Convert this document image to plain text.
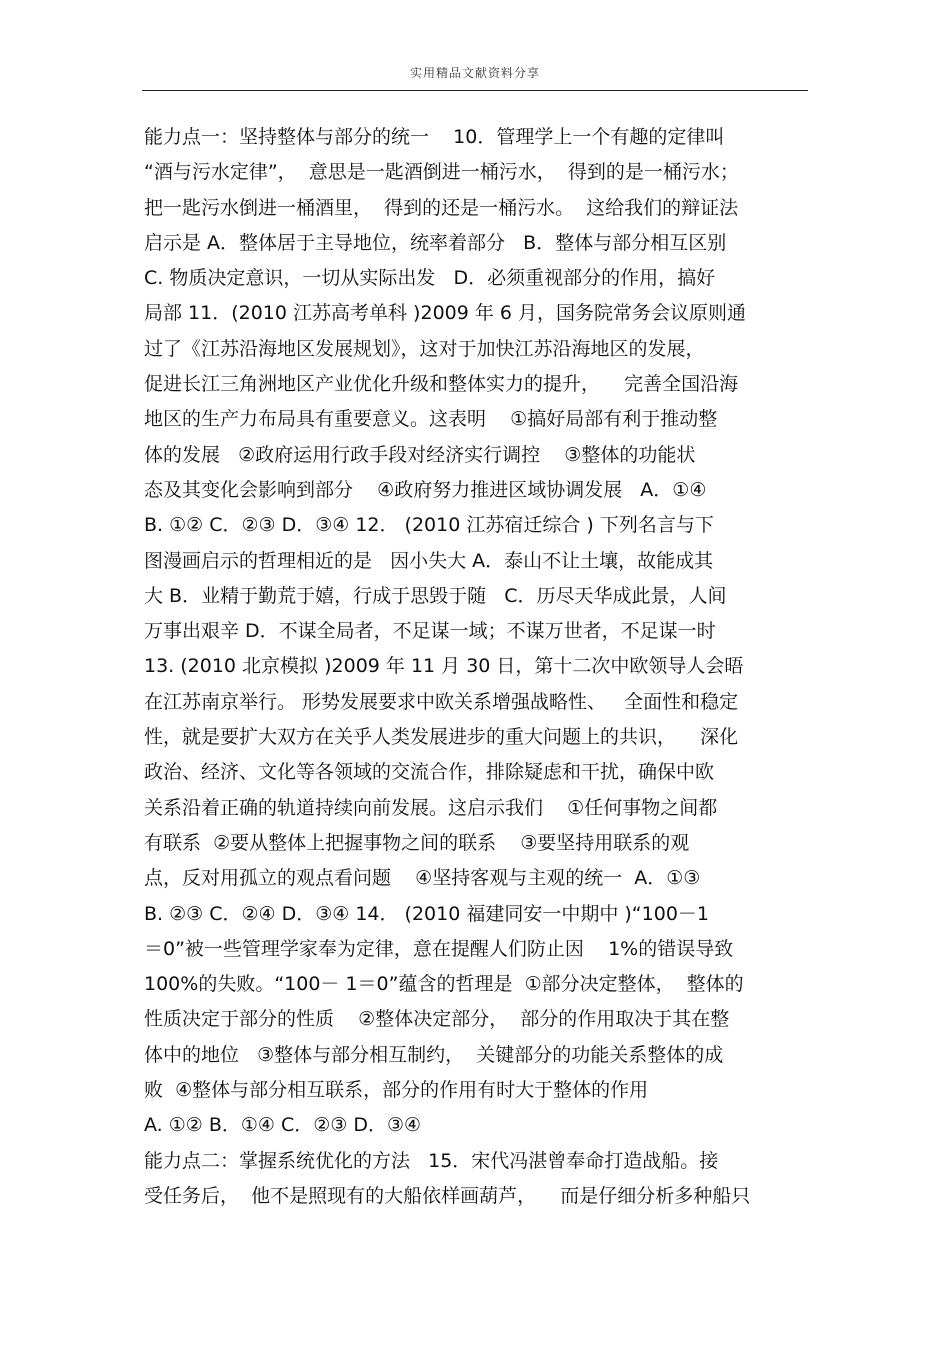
实用精品文献资料分享
能力点一：坚持整体与部分的统一    10．管理学上一个有趣的定律叫
“酒与污水定律”，  意思是一匙酒倒进一桶污水，  得到的是一桶污水；
把一匙污水倒进一桶酒里，  得到的还是一桶污水。  这给我们的辩证法
启示是 A．整体居于主导地位，统率着部分   B．整体与部分相互区别
C. 物质决定意识，一切从实际出发   D．必须重视部分的作用，搞好
局部 11．(2010 江苏高考单科 )2009 年 6 月，国务院常务会议原则通
过了《江苏沿海地区发展规划》，这对于加快江苏沿海地区的发展，
促进长江三角洲地区产业优化升级和整体实力的提升，    完善全国沿海
地区的生产力布局具有重要意义。这表明    ①搞好局部有利于推动整
体的发展   ②政府运用行政手段对经济实行调控    ③整体的功能状
态及其变化会影响到部分    ④政府努力推进区域协调发展   A．①④
B. ①② C．②③ D．③④ 12． (2010 江苏宿迁综合 ) 下列名言与下
图漫画启示的哲理相近的是   因小失大 A．泰山不让土壤，故能成其
大 B．业精于勤荒于嬉，行成于思毁于随   C．历尽天华成此景，人间
万事出艰辛 D．不谋全局者，不足谋一域；不谋万世者，不足谋一时
13. (2010 北京模拟 )2009 年 11 月 30 日，第十二次中欧领导人会晤
在江苏南京举行。 形势发展要求中欧关系增强战略性、   全面性和稳定
性，就是要扩大双方在关乎人类发展进步的重大问题上的共识，    深化
政治、经济、文化等各领域的交流合作，排除疑虑和干扰，确保中欧
关系沿着正确的轨道持续向前发展。这启示我们    ①任何事物之间都
有联系  ②要从整体上把握事物之间的联系    ③要坚持用联系的观
点，反对用孤立的观点看问题    ④坚持客观与主观的统一  A．①③
B. ②③ C．②④ D．③④ 14． (2010 福建同安一中期中 )“100－1
＝0”被一些管理学家奉为定律，意在提醒人们防止因    1%的错误导致
100%的失败。“100－ 1＝0”蕴含的哲理是  ①部分决定整体，  整体的
性质决定于部分的性质    ②整体决定部分，  部分的作用取决于其在整
体中的地位   ③整体与部分相互制约，  关键部分的功能关系整体的成
败  ④整体与部分相互联系，部分的作用有时大于整体的作用
A. ①② B．①④ C．②③ D．③④
能力点二：掌握系统优化的方法   15．宋代冯湛曾奉命打造战船。接
受任务后，  他不是照现有的大船依样画葫芦，    而是仔细分析多种船只
